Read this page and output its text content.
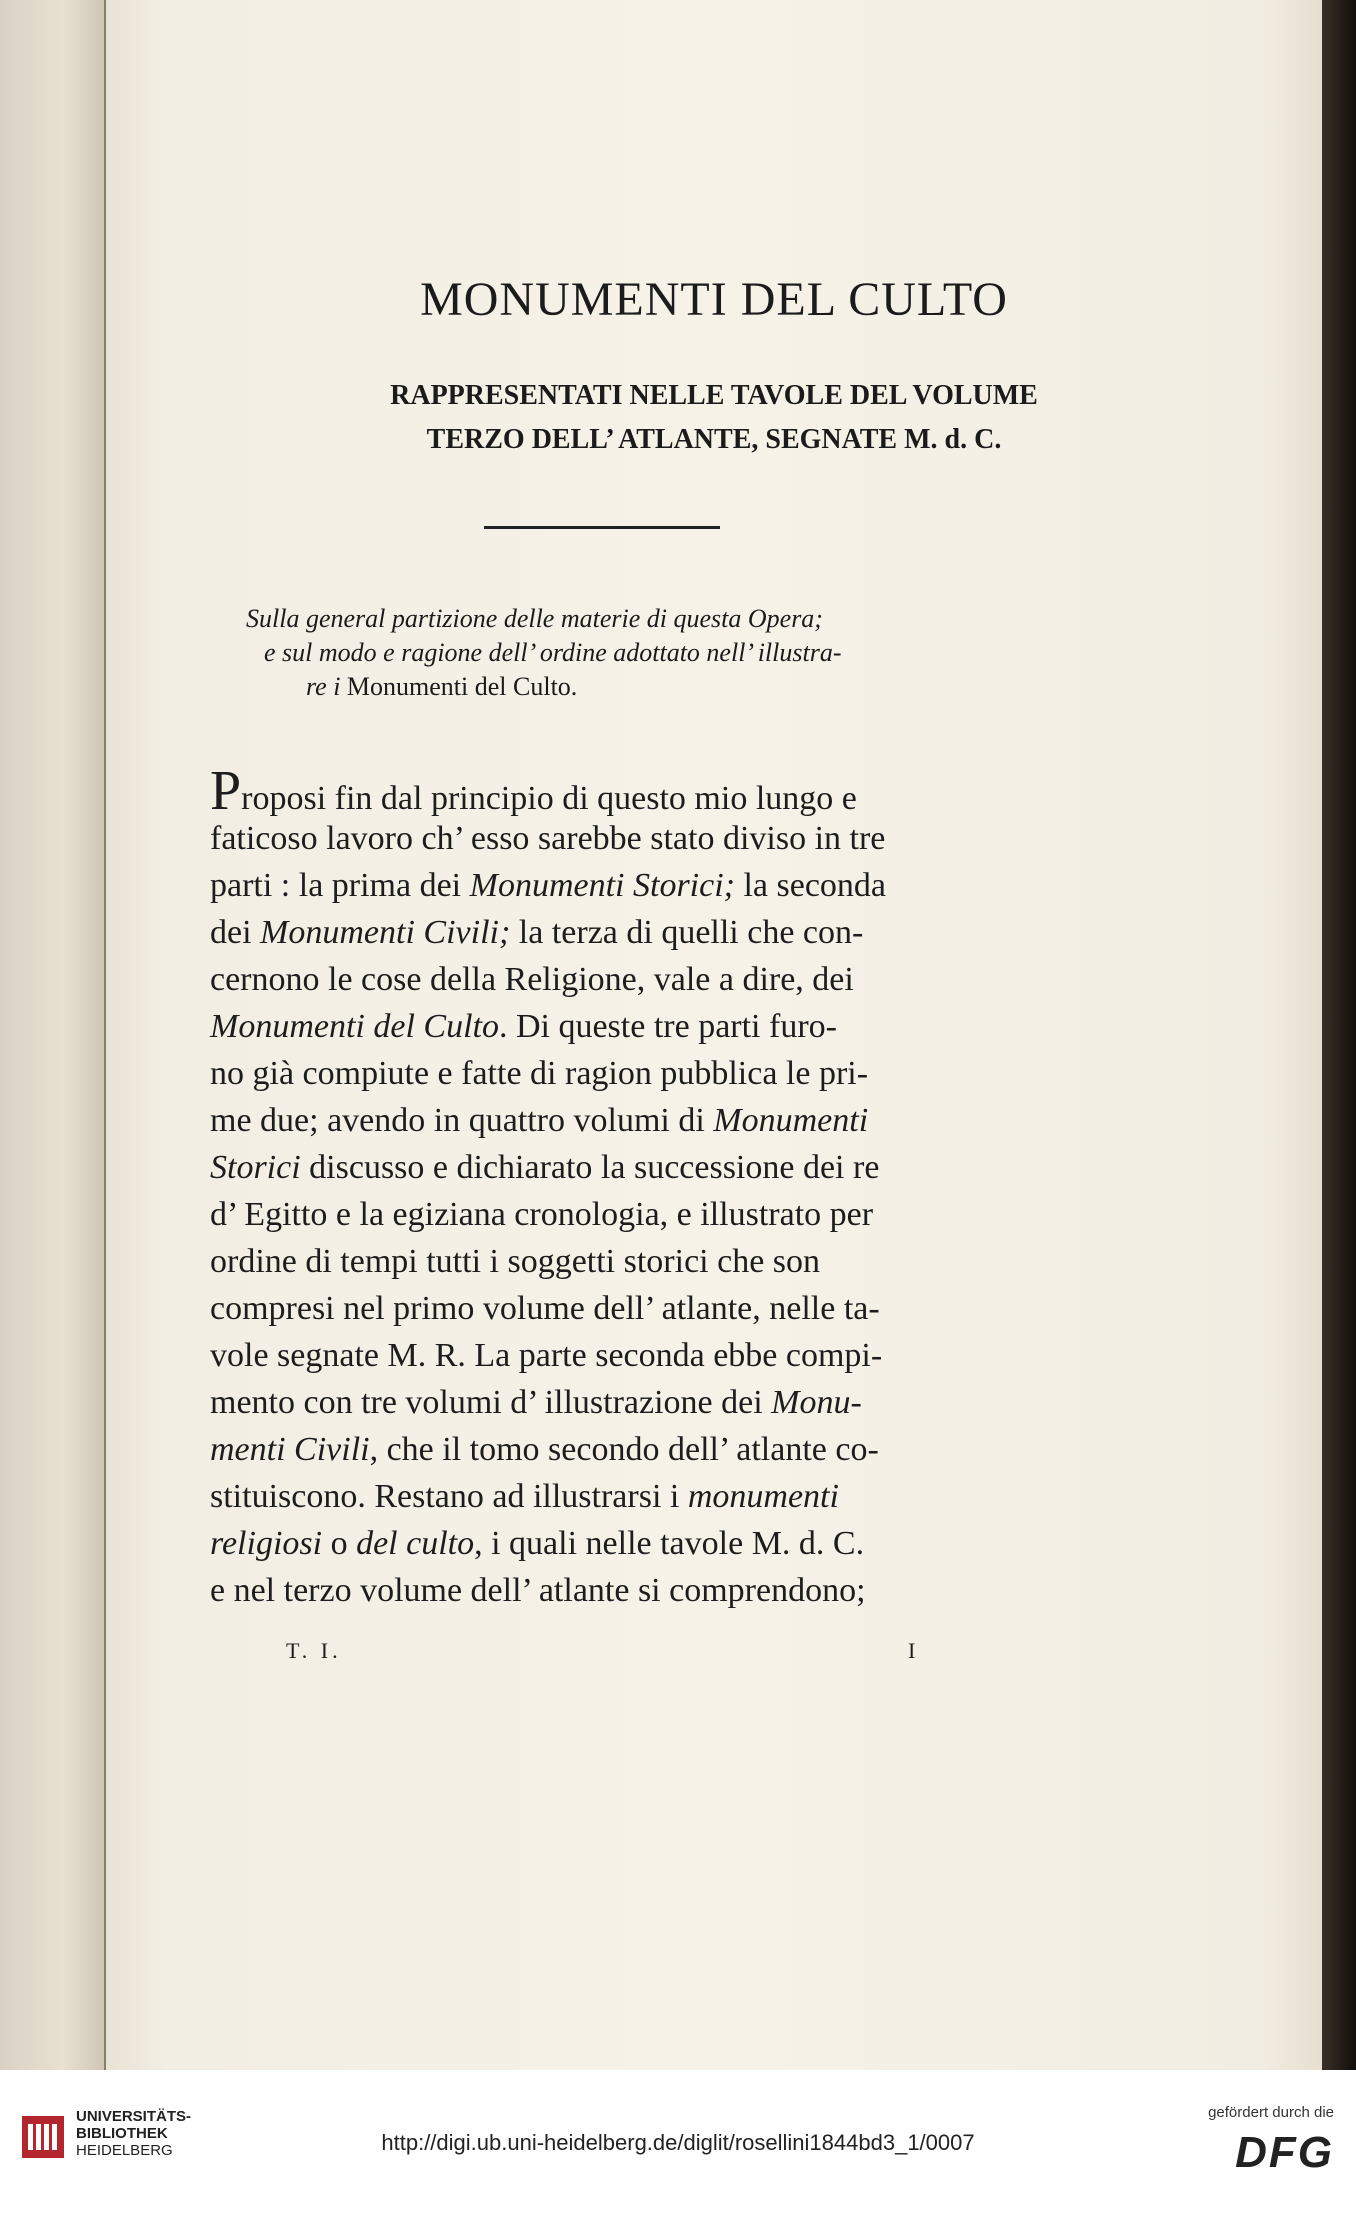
MONUMENTI DEL CULTO
RAPPRESENTATI NELLE TAVOLE DEL VOLUME
TERZO DELL’ ATLANTE, SEGNATE M. d. C.
Sulla general partizione delle materie di questa Opera;
e sul modo e ragione dell’ ordine adottato nell’ illustra-
re i Monumenti del Culto.
Proposi fin dal principio di questo mio lungo e
faticoso lavoro ch’ esso sarebbe stato diviso in tre
parti : la prima dei Monumenti Storici; la seconda
dei Monumenti Civili; la terza di quelli che con-
cernono le cose della Religione, vale a dire, dei
Monumenti del Culto. Di queste tre parti furo-
no già compiute e fatte di ragion pubblica le pri-
me due; avendo in quattro volumi di Monumenti
Storici discusso e dichiarato la successione dei re
d’ Egitto e la egiziana cronologia, e illustrato per
ordine di tempi tutti i soggetti storici che son
compresi nel primo volume dell’ atlante, nelle ta-
vole segnate M. R. La parte seconda ebbe compi-
mento con tre volumi d’ illustrazione dei Monu-
menti Civili, che il tomo secondo dell’ atlante co-
stituiscono. Restano ad illustrarsi i monumenti
religiosi o del culto, i quali nelle tavole M. d. C.
e nel terzo volume dell’ atlante si comprendono;
T. I.	I
UNIVERSITÄTS-
BIBLIOTHEK
HEIDELBERG	http://digi.ub.uni-heidelberg.de/diglit/rosellini1844bd3_1/0007
gefördert durch die
DFG
